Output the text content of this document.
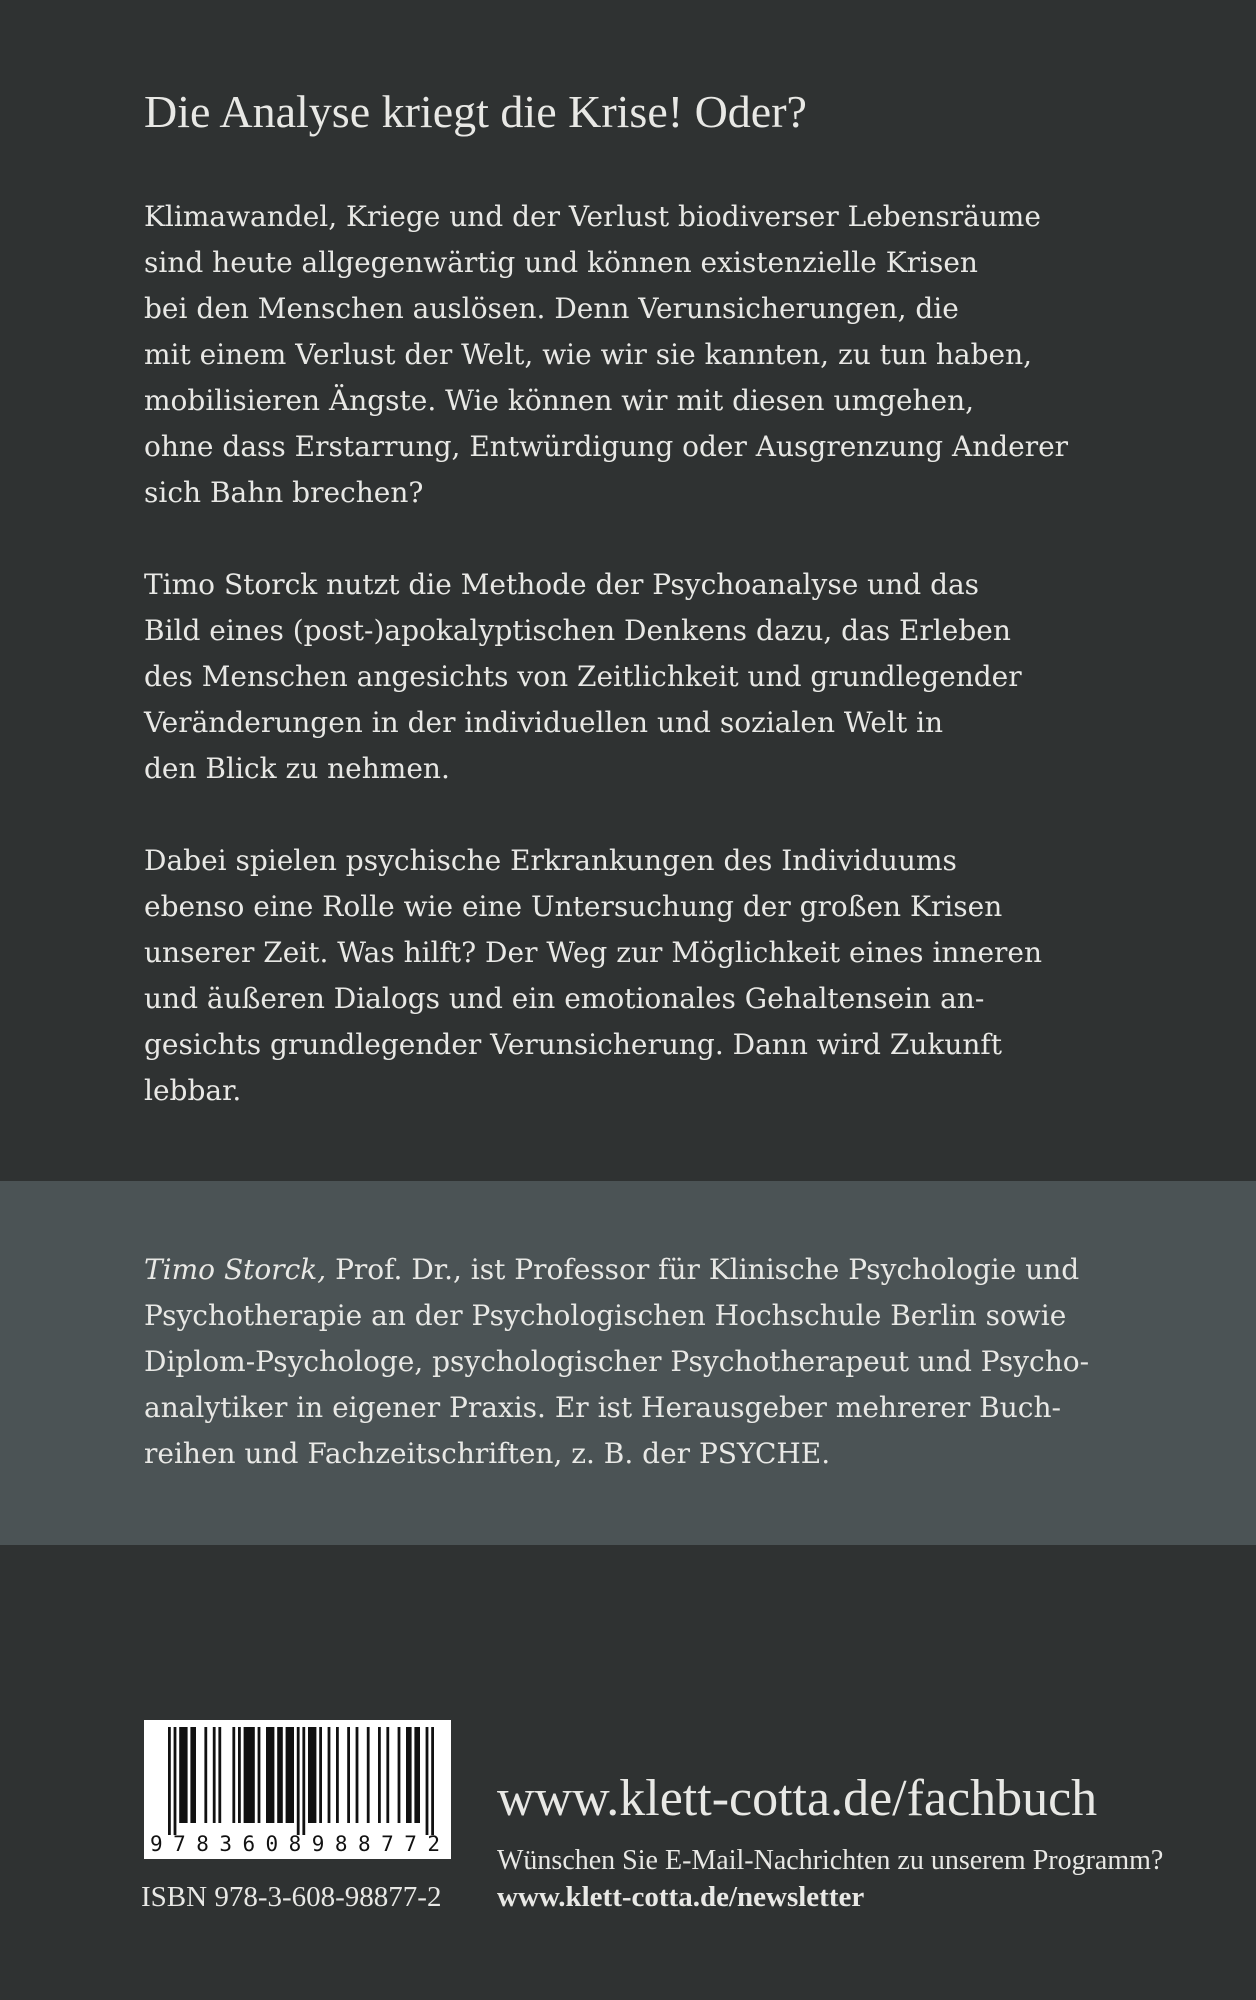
Die Analyse kriegt die Krise! Oder?

Klimawandel, Kriege und der Verlust biodiverser Lebensräume
sind heute allgegenwärtig und können existenzielle Krisen
bei den Menschen auslösen. Denn Verunsicherungen, die
mit einem Verlust der Welt, wie wir sie kannten, zu tun haben,
mobilisieren Ängste. Wie können wir mit diesen umgehen,
ohne dass Erstarrung, Entwürdigung oder Ausgrenzung Anderer
sich Bahn brechen?

Timo Storck nutzt die Methode der Psychoanalyse und das
Bild eines (post-)apokalyptischen Denkens dazu, das Erleben
des Menschen angesichts von Zeitlichkeit und grundlegender
Veränderungen in der individuellen und sozialen Welt in
den Blick zu nehmen.

Dabei spielen psychische Erkrankungen des Individuums
ebenso eine Rolle wie eine Untersuchung der großen Krisen
unserer Zeit. Was hilft? Der Weg zur Möglichkeit eines inneren
und äußeren Dialogs und ein emotionales Gehaltensein an-
gesichts grundlegender Verunsicherung. Dann wird Zukunft
lebbar.

Timo Storck, Prof. Dr., ist Professor für Klinische Psychologie und
Psychotherapie an der Psychologischen Hochschule Berlin sowie
Diplom-Psychologe, psychologischer Psychotherapeut und Psycho-
analytiker in eigener Praxis. Er ist Herausgeber mehrerer Buch-
reihen und Fachzeitschriften, z. B. der PSYCHE.
9783608988772
ISBN 978-3-608-98877-2
www.klett-cotta.de/fachbuch
Wünschen Sie E-Mail-Nachrichten zu unserem Programm?
www.klett-cotta.de/newsletter
